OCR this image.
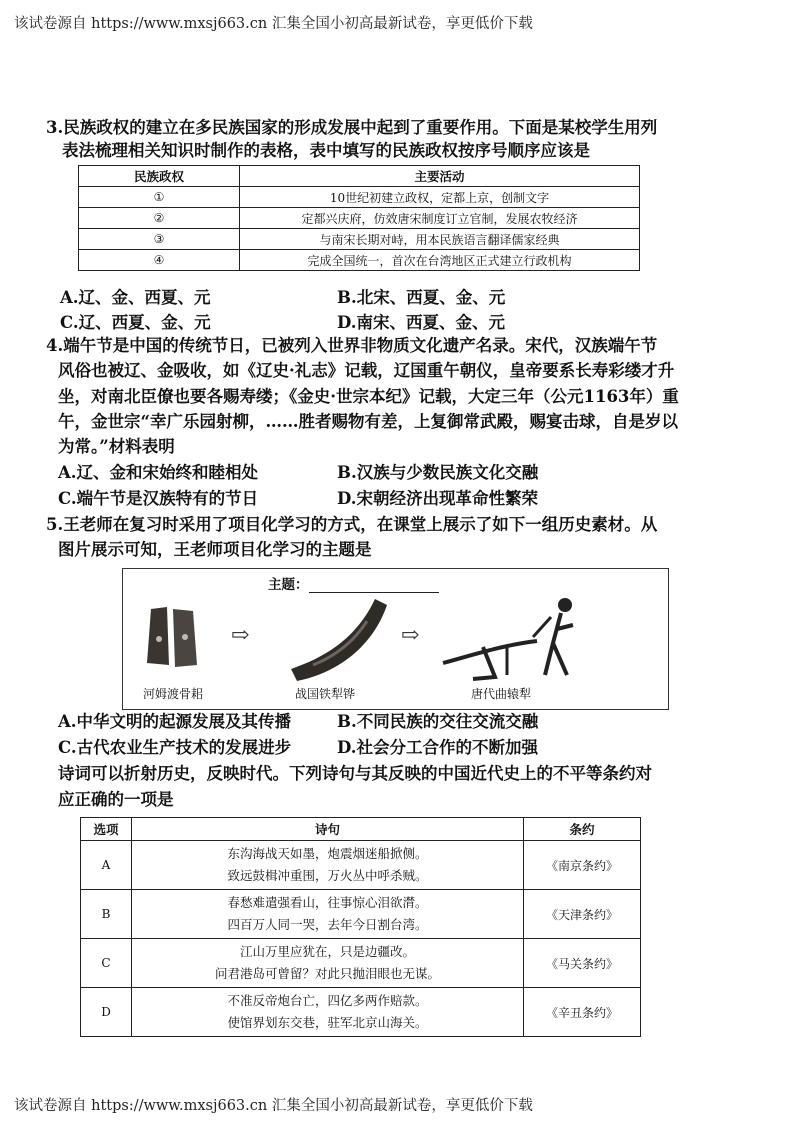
该试卷源自 https://www.mxsj663.cn 汇集全国小初高最新试卷，享更低价下载
3.民族政权的建立在多民族国家的形成发展中起到了重要作用。下面是某校学生用列
表法梳理相关知识时制作的表格，表中填写的民族政权按序号顺序应该是
民族政权	主要活动
①	10世纪初建立政权，定都上京，创制文字
②	定都兴庆府，仿效唐宋制度订立官制，发展农牧经济
③	与南宋长期对峙，用本民族语言翻译儒家经典
④	完成全国统一，首次在台湾地区正式建立行政机构
A.辽、金、西夏、元	B.北宋、西夏、金、元
C.辽、西夏、金、元	D.南宋、西夏、金、元
4.端午节是中国的传统节日，已被列入世界非物质文化遗产名录。宋代，汉族端午节
风俗也被辽、金吸收，如《辽史·礼志》记载，辽国重午朝仪，皇帝要系长寿彩缕才升
坐，对南北臣僚也要各赐寿缕；《金史·世宗本纪》记载，大定三年（公元1163年）重
午，金世宗“幸广乐园射柳，……胜者赐物有差，上复御常武殿，赐宴击球，自是岁以
为常。”材料表明
A.辽、金和宋始终和睦相处	B.汉族与少数民族文化交融
C.端午节是汉族特有的节日	D.宋朝经济出现革命性繁荣
5.王老师在复习时采用了项目化学习的方式，在课堂上展示了如下一组历史素材。从
图片展示可知，王老师项目化学习的主题是
主题：
河姆渡骨耜
⇨
战国铁犁铧
⇨
唐代曲辕犁
A.中华文明的起源发展及其传播	B.不同民族的交往交流交融
C.古代农业生产技术的发展进步	D.社会分工合作的不断加强
诗词可以折射历史，反映时代。下列诗句与其反映的中国近代史上的不平等条约对
应正确的一项是
选项	诗句	条约
A	东沟海战天如墨，炮震烟迷船掀侧。
致远鼓楫冲重围，万火丛中呼杀贼。	《南京条约》
B	春愁难遣强看山，往事惊心泪欲潸。
四百万人同一哭，去年今日割台湾。	《天津条约》
C	江山万里应犹在，只是边疆改。
问君港岛可曾留？对此只抛泪眼也无谋。	《马关条约》
D	不准反帝炮台亡，四亿多两作赔款。
使馆界划东交巷，驻军北京山海关。	《辛丑条约》
该试卷源自 https://www.mxsj663.cn 汇集全国小初高最新试卷，享更低价下载
